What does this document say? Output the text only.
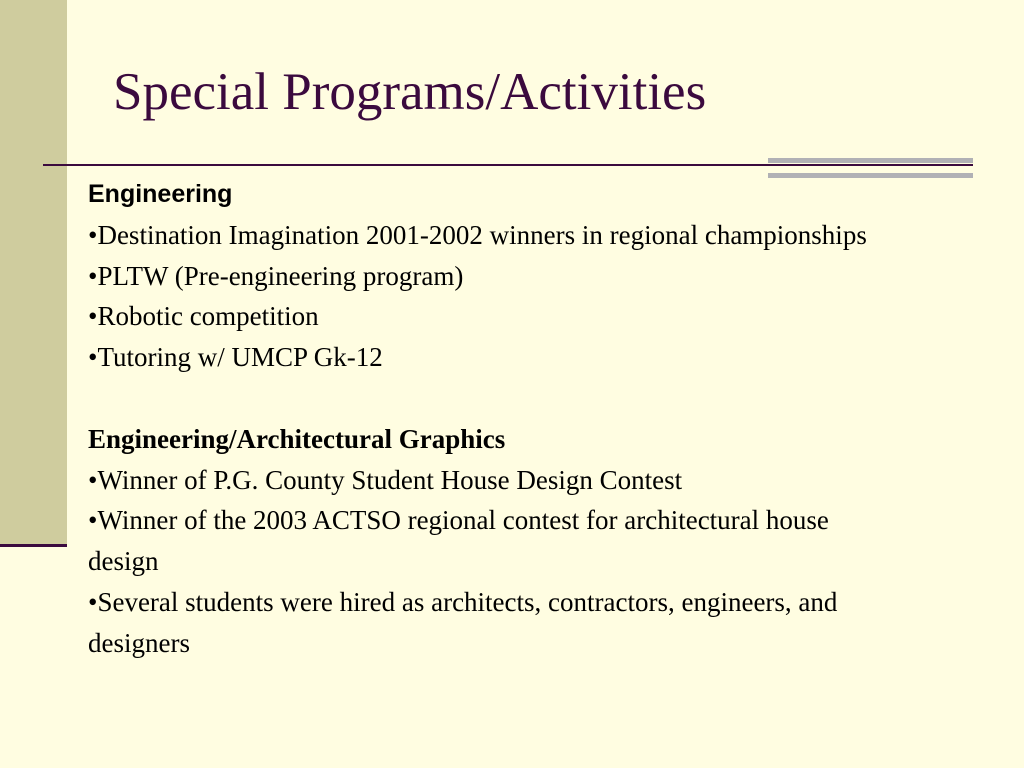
Special Programs/Activities
Engineering
•Destination Imagination 2001-2002 winners in regional championships
•PLTW (Pre-engineering program)
•Robotic competition
•Tutoring w/ UMCP Gk-12
Engineering/Architectural Graphics
•Winner of P.G. County Student House Design Contest
•Winner of the 2003 ACTSO regional contest for architectural house design
•Several students were hired as architects, contractors, engineers, and designers
